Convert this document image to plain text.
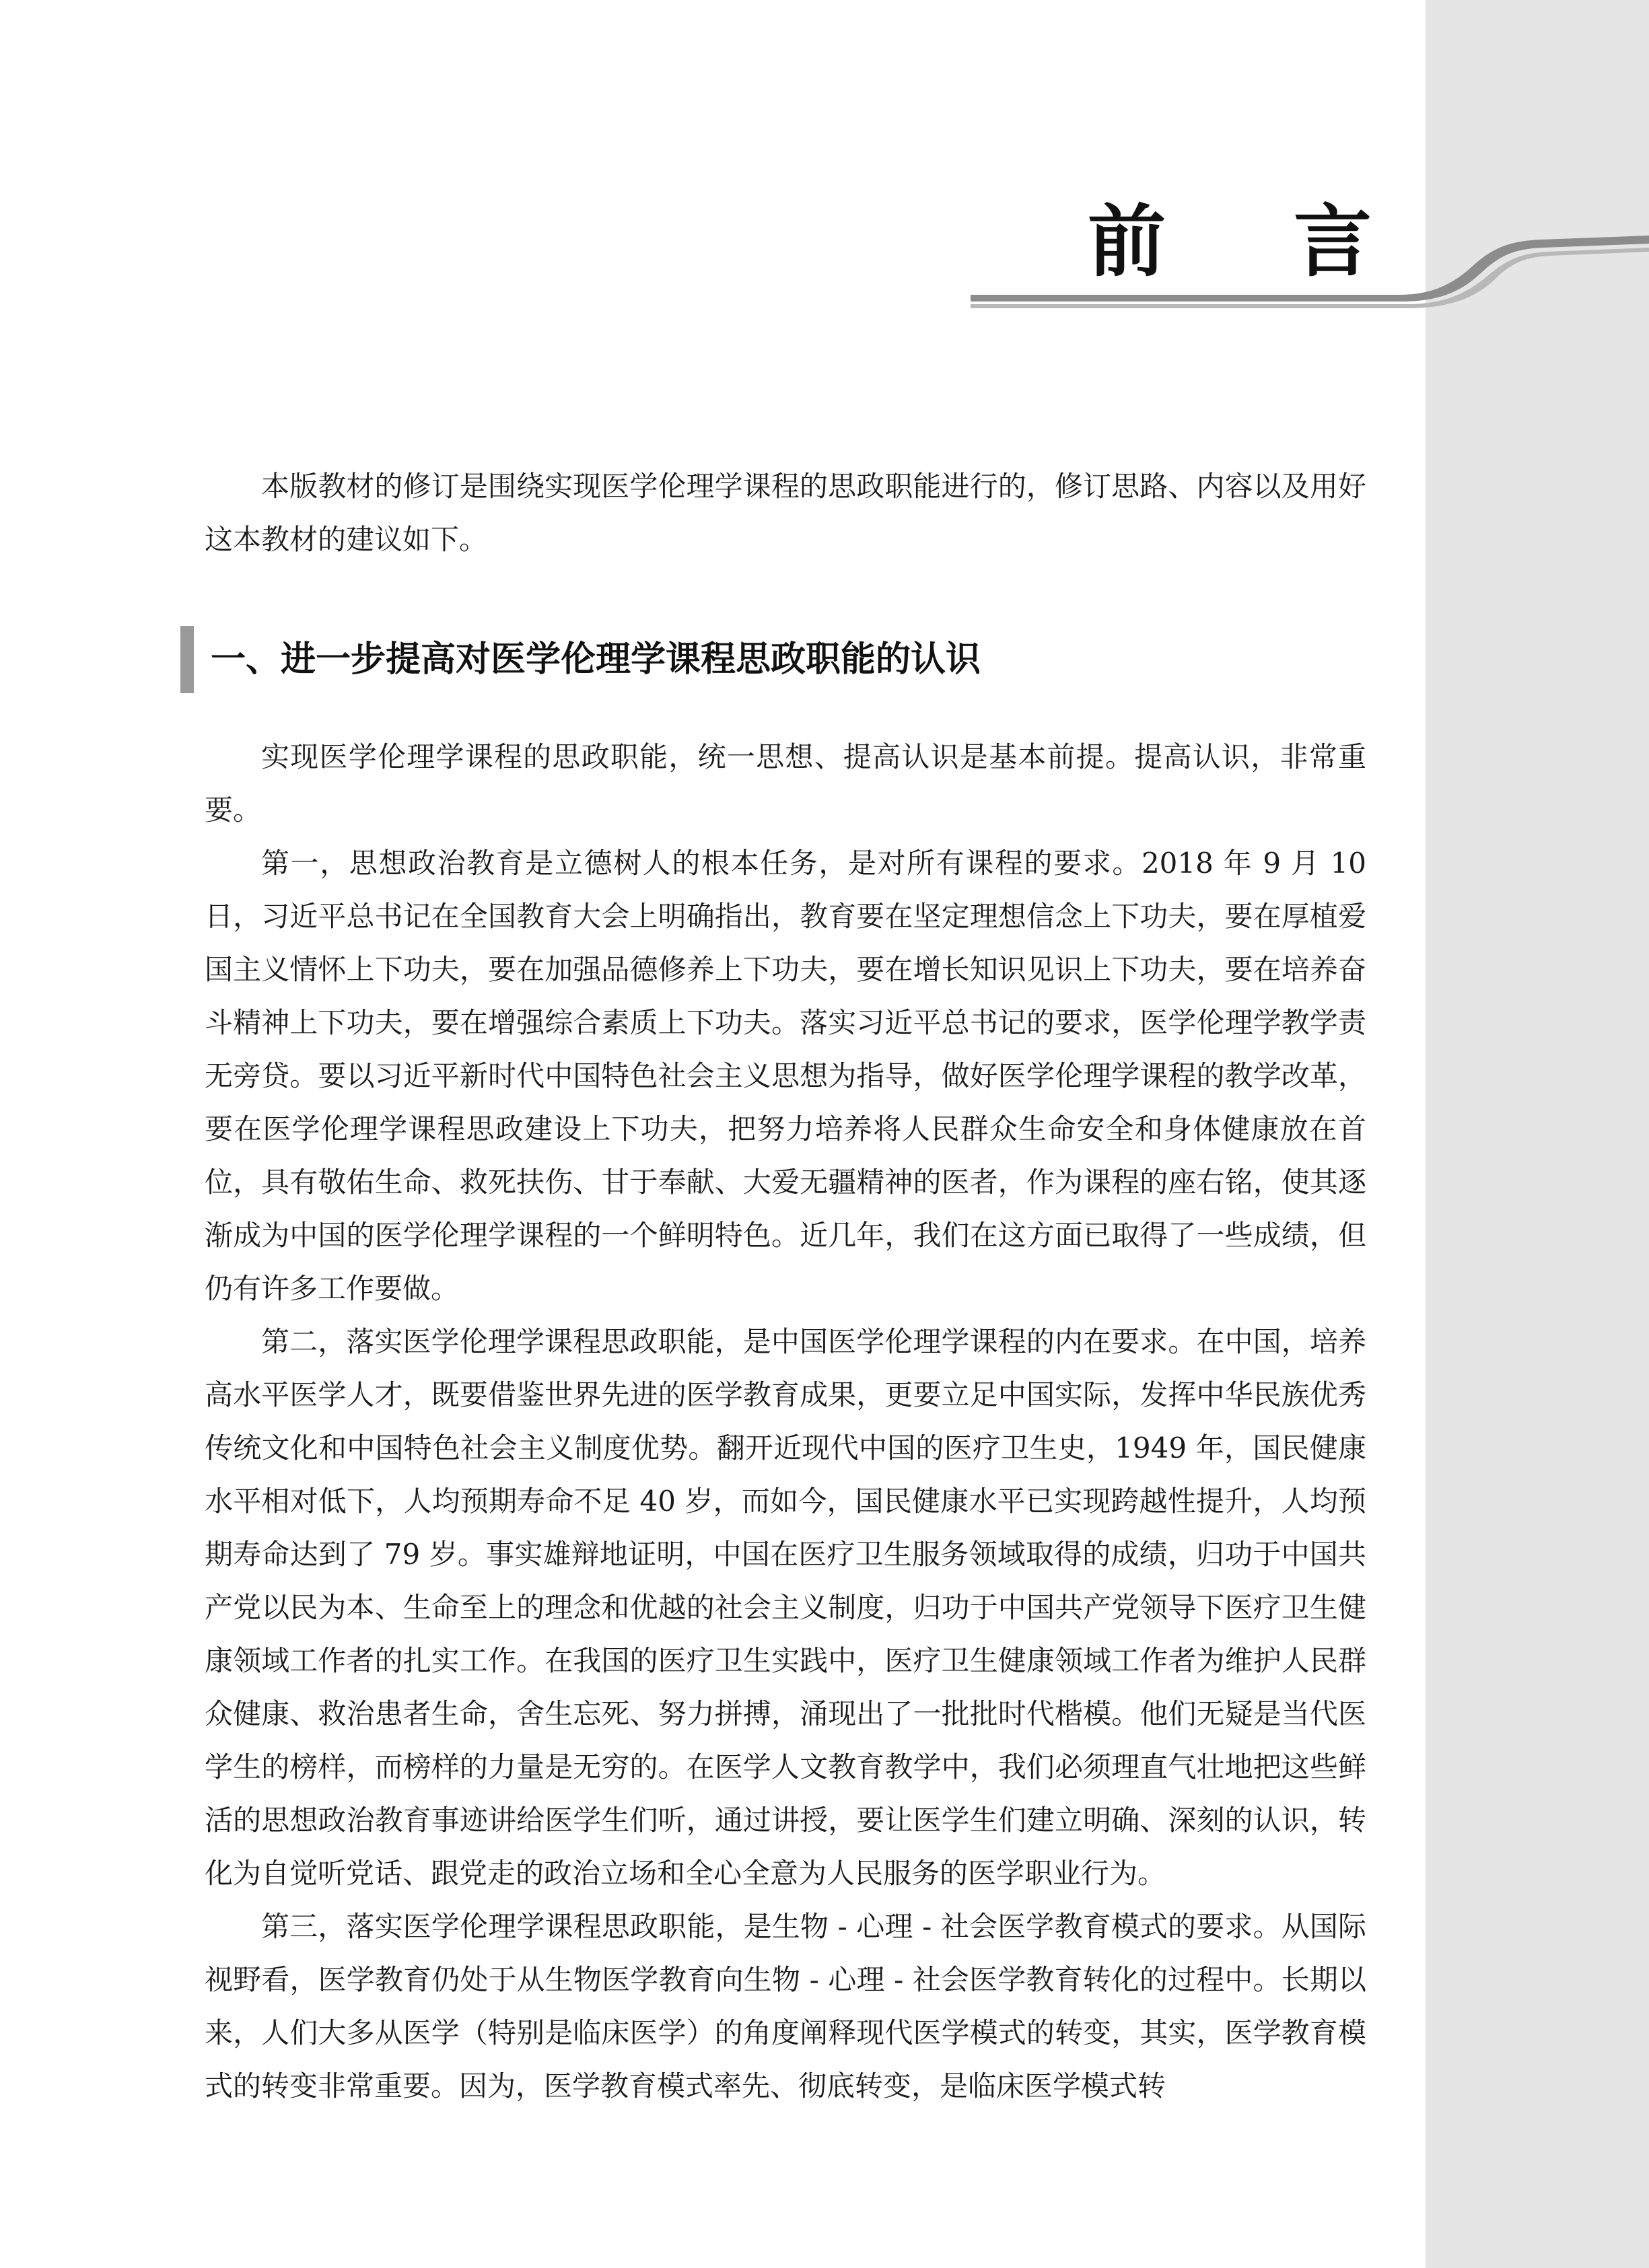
前言

本版教材的修订是围绕实现医学伦理学课程的思政职能进行的，修订思路、内容以及用好这本教材的建议如下。

一、进一步提高对医学伦理学课程思政职能的认识

实现医学伦理学课程的思政职能，统一思想、提高认识是基本前提。提高认识，非常重要。

第一，思想政治教育是立德树人的根本任务，是对所有课程的要求。2018 年 9 月 10 日，习近平总书记在全国教育大会上明确指出，教育要在坚定理想信念上下功夫，要在厚植爱国主义情怀上下功夫，要在加强品德修养上下功夫，要在增长知识见识上下功夫，要在培养奋斗精神上下功夫，要在增强综合素质上下功夫。落实习近平总书记的要求，医学伦理学教学责无旁贷。要以习近平新时代中国特色社会主义思想为指导，做好医学伦理学课程的教学改革，要在医学伦理学课程思政建设上下功夫，把努力培养将人民群众生命安全和身体健康放在首位，具有敬佑生命、救死扶伤、甘于奉献、大爱无疆精神的医者，作为课程的座右铭，使其逐渐成为中国的医学伦理学课程的一个鲜明特色。近几年，我们在这方面已取得了一些成绩，但仍有许多工作要做。

第二，落实医学伦理学课程思政职能，是中国医学伦理学课程的内在要求。在中国，培养高水平医学人才，既要借鉴世界先进的医学教育成果，更要立足中国实际，发挥中华民族优秀传统文化和中国特色社会主义制度优势。翻开近现代中国的医疗卫生史，1949 年，国民健康水平相对低下，人均预期寿命不足 40 岁，而如今，国民健康水平已实现跨越性提升，人均预期寿命达到了 79 岁。事实雄辩地证明，中国在医疗卫生服务领域取得的成绩，归功于中国共产党以民为本、生命至上的理念和优越的社会主义制度，归功于中国共产党领导下医疗卫生健康领域工作者的扎实工作。在我国的医疗卫生实践中，医疗卫生健康领域工作者为维护人民群众健康、救治患者生命，舍生忘死、努力拼搏，涌现出了一批批时代楷模。他们无疑是当代医学生的榜样，而榜样的力量是无穷的。在医学人文教育教学中，我们必须理直气壮地把这些鲜活的思想政治教育事迹讲给医学生们听，通过讲授，要让医学生们建立明确、深刻的认识，转化为自觉听党话、跟党走的政治立场和全心全意为人民服务的医学职业行为。

第三，落实医学伦理学课程思政职能，是生物 - 心理 - 社会医学教育模式的要求。从国际视野看，医学教育仍处于从生物医学教育向生物 - 心理 - 社会医学教育转化的过程中。长期以来，人们大多从医学（特别是临床医学）的角度阐释现代医学模式的转变，其实，医学教育模式的转变非常重要。因为，医学教育模式率先、彻底转变，是临床医学模式转
